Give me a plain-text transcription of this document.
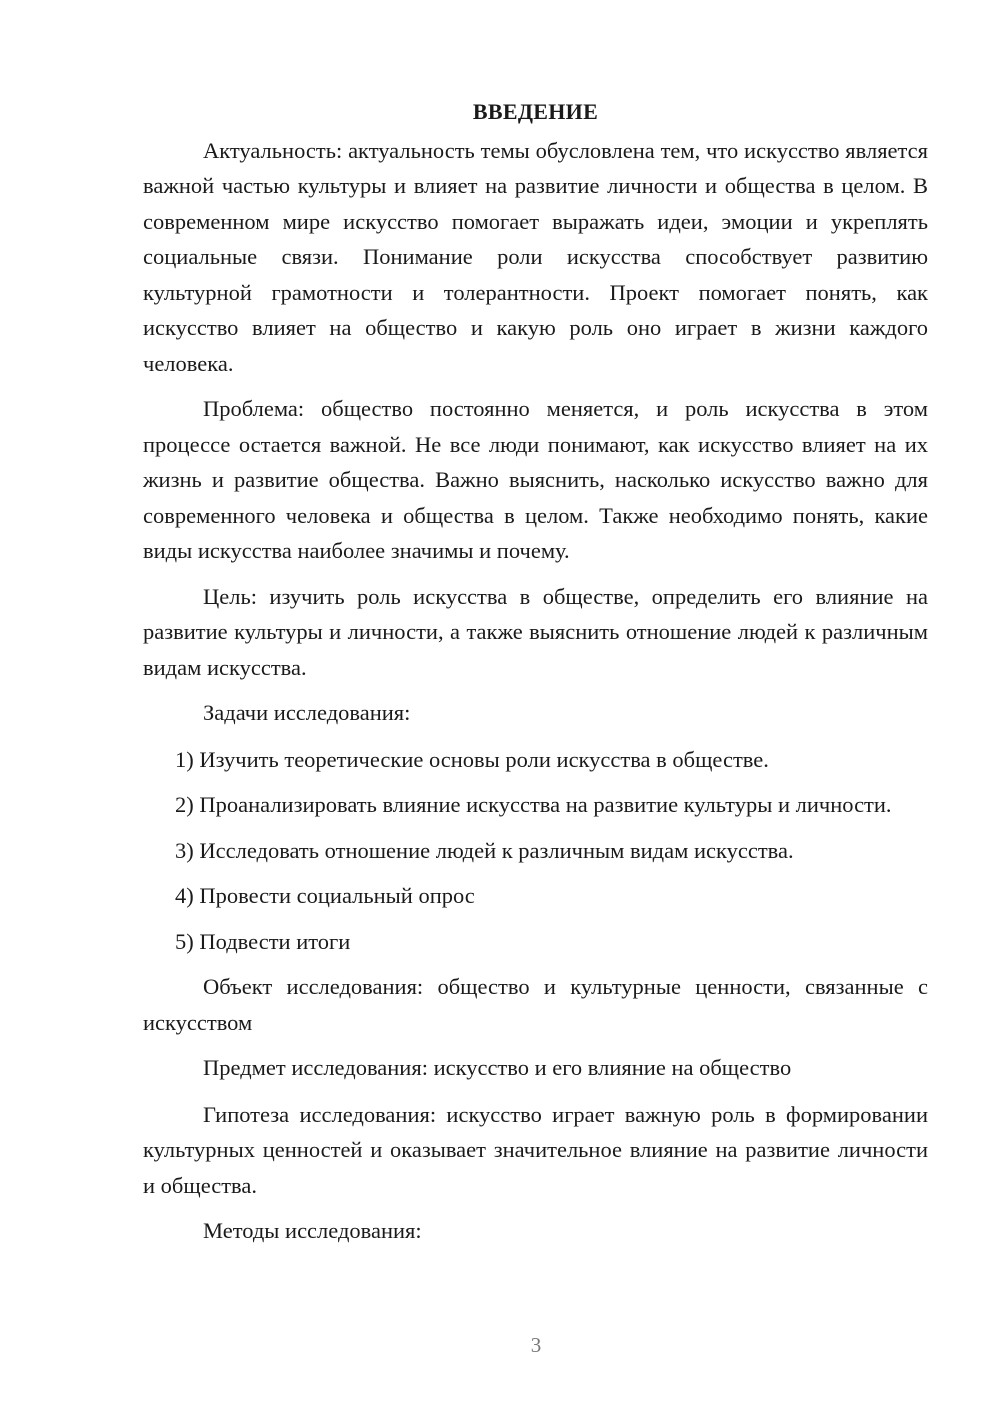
ВВЕДЕНИЕ

Актуальность: актуальность темы обусловлена тем, что искусство является важной частью культуры и влияет на развитие личности и общества в целом. В современном мире искусство помогает выражать идеи, эмоции и укреплять социальные связи. Понимание роли искусства способствует развитию культурной грамотности и толерантности. Проект помогает понять, как искусство влияет на общество и какую роль оно играет в жизни каждого человека.

Проблема: общество постоянно меняется, и роль искусства в этом процессе остается важной. Не все люди понимают, как искусство влияет на их жизнь и развитие общества. Важно выяснить, насколько искусство важно для современного человека и общества в целом. Также необходимо понять, какие виды искусства наиболее значимы и почему.

Цель: изучить роль искусства в обществе, определить его влияние на развитие культуры и личности, а также выяснить отношение людей к различным видам искусства.

Задачи исследования:

1) Изучить теоретические основы роли искусства в обществе.

2) Проанализировать влияние искусства на развитие культуры и личности.

3) Исследовать отношение людей к различным видам искусства.

4) Провести социальный опрос

5) Подвести итоги

Объект исследования: общество и культурные ценности, связанные с искусством

Предмет исследования: искусство и его влияние на общество

Гипотеза исследования: искусство играет важную роль в формировании культурных ценностей и оказывает значительное влияние на развитие личности и общества.

Методы исследования:

3
